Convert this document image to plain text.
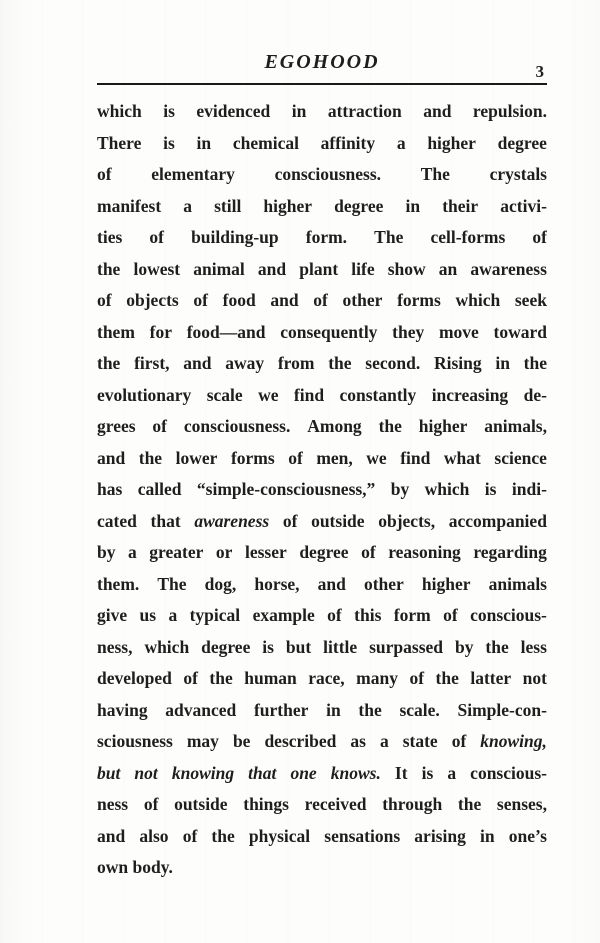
EGOHOOD	3
which is evidenced in attraction and repulsion.
There is in chemical affinity a higher degree
of elementary consciousness. The crystals
manifest a still higher degree in their activi-
ties of building-up form. The cell-forms of
the lowest animal and plant life show an awareness
of objects of food and of other forms which seek
them for food—and consequently they move toward
the first, and away from the second. Rising in the
evolutionary scale we find constantly increasing de-
grees of consciousness. Among the higher animals,
and the lower forms of men, we find what science
has called “simple-consciousness,” by which is indi-
cated that awareness of outside objects, accompanied
by a greater or lesser degree of reasoning regarding
them. The dog, horse, and other higher animals
give us a typical example of this form of conscious-
ness, which degree is but little surpassed by the less
developed of the human race, many of the latter not
having advanced further in the scale. Simple-con-
sciousness may be described as a state of knowing,
but not knowing that one knows. It is a conscious-
ness of outside things received through the senses,
and also of the physical sensations arising in one’s
own body.
